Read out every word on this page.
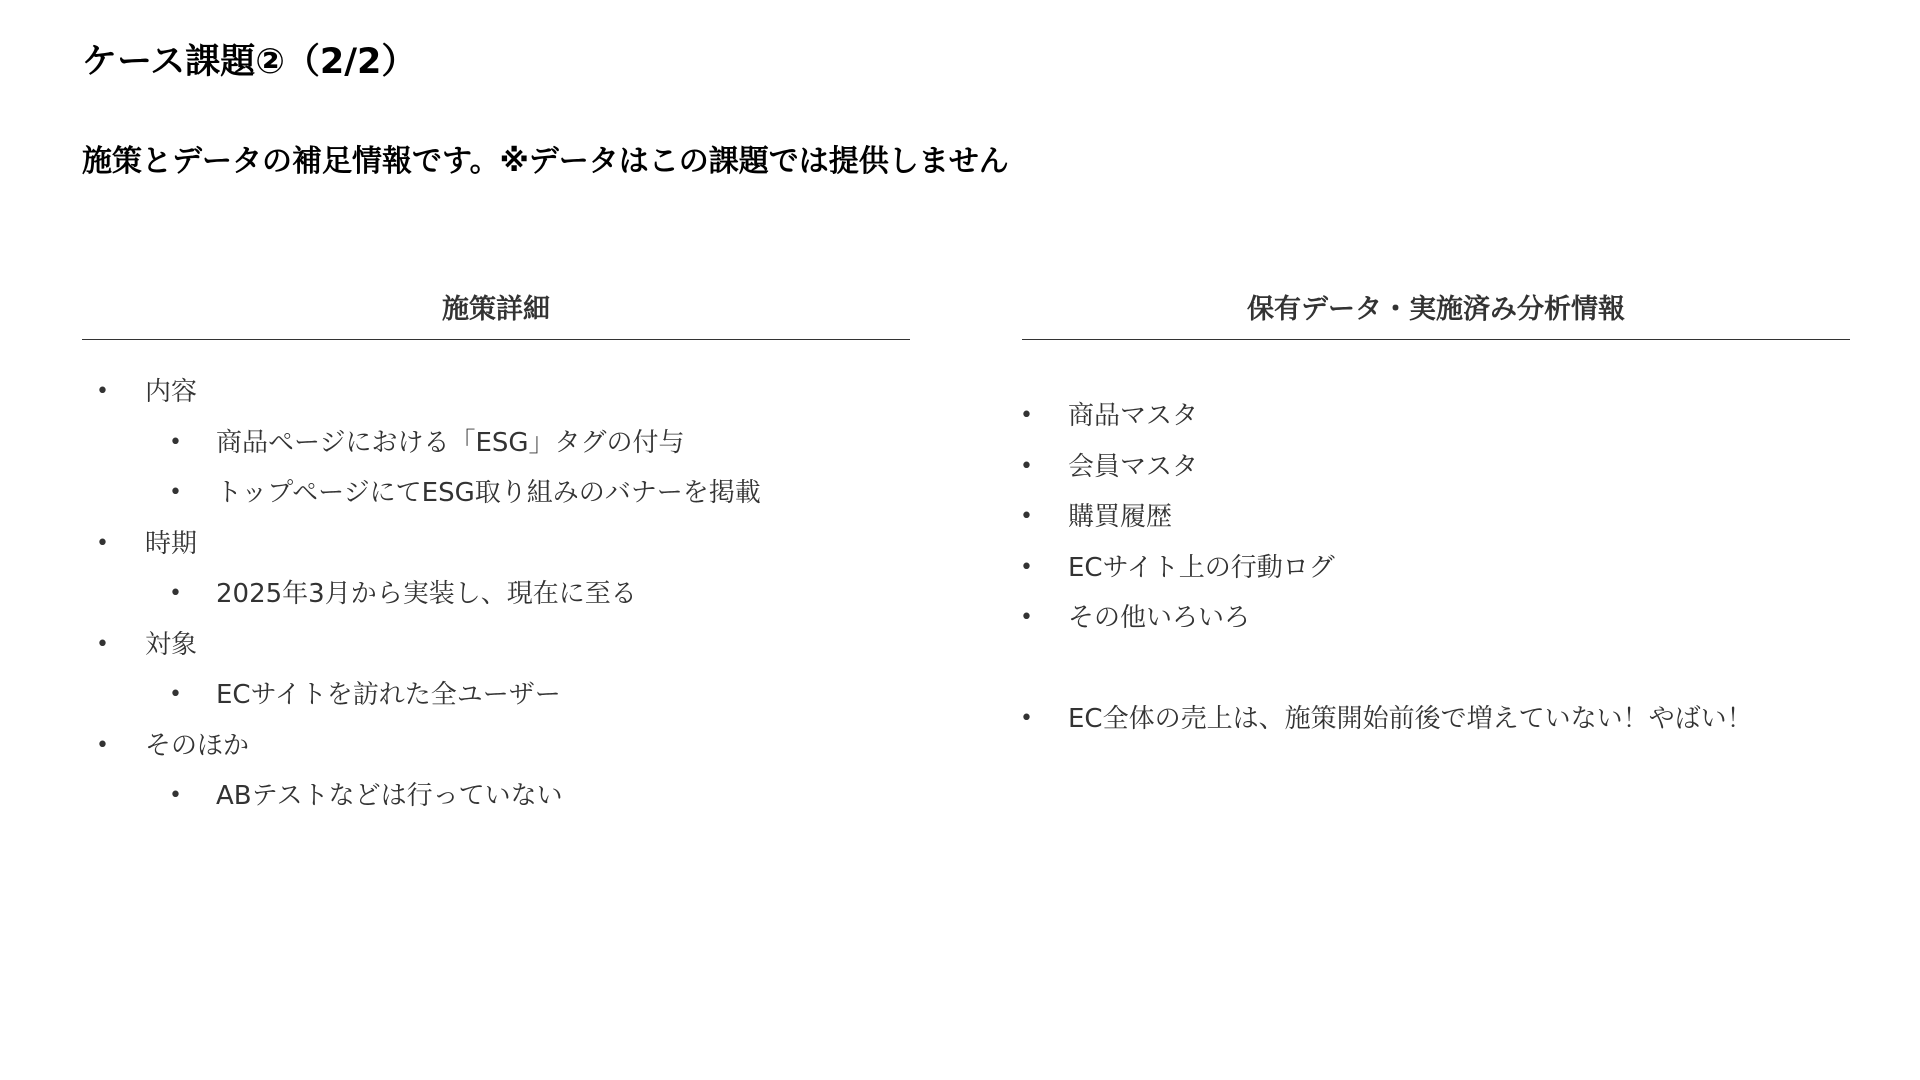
ケース課題②（2/2）
施策とデータの補足情報です。※データはこの課題では提供しません
施策詳細
• 内容
• 商品ページにおける「ESG」タグの付与
• トップページにてESG取り組みのバナーを掲載
• 時期
• 2025年3月から実装し、現在に至る
• 対象
• ECサイトを訪れた全ユーザー
• そのほか
• ABテストなどは行っていない
保有データ・実施済み分析情報
• 商品マスタ
• 会員マスタ
• 購買履歴
• ECサイト上の行動ログ
• その他いろいろ
• EC全体の売上は、施策開始前後で増えていない！やばい！
